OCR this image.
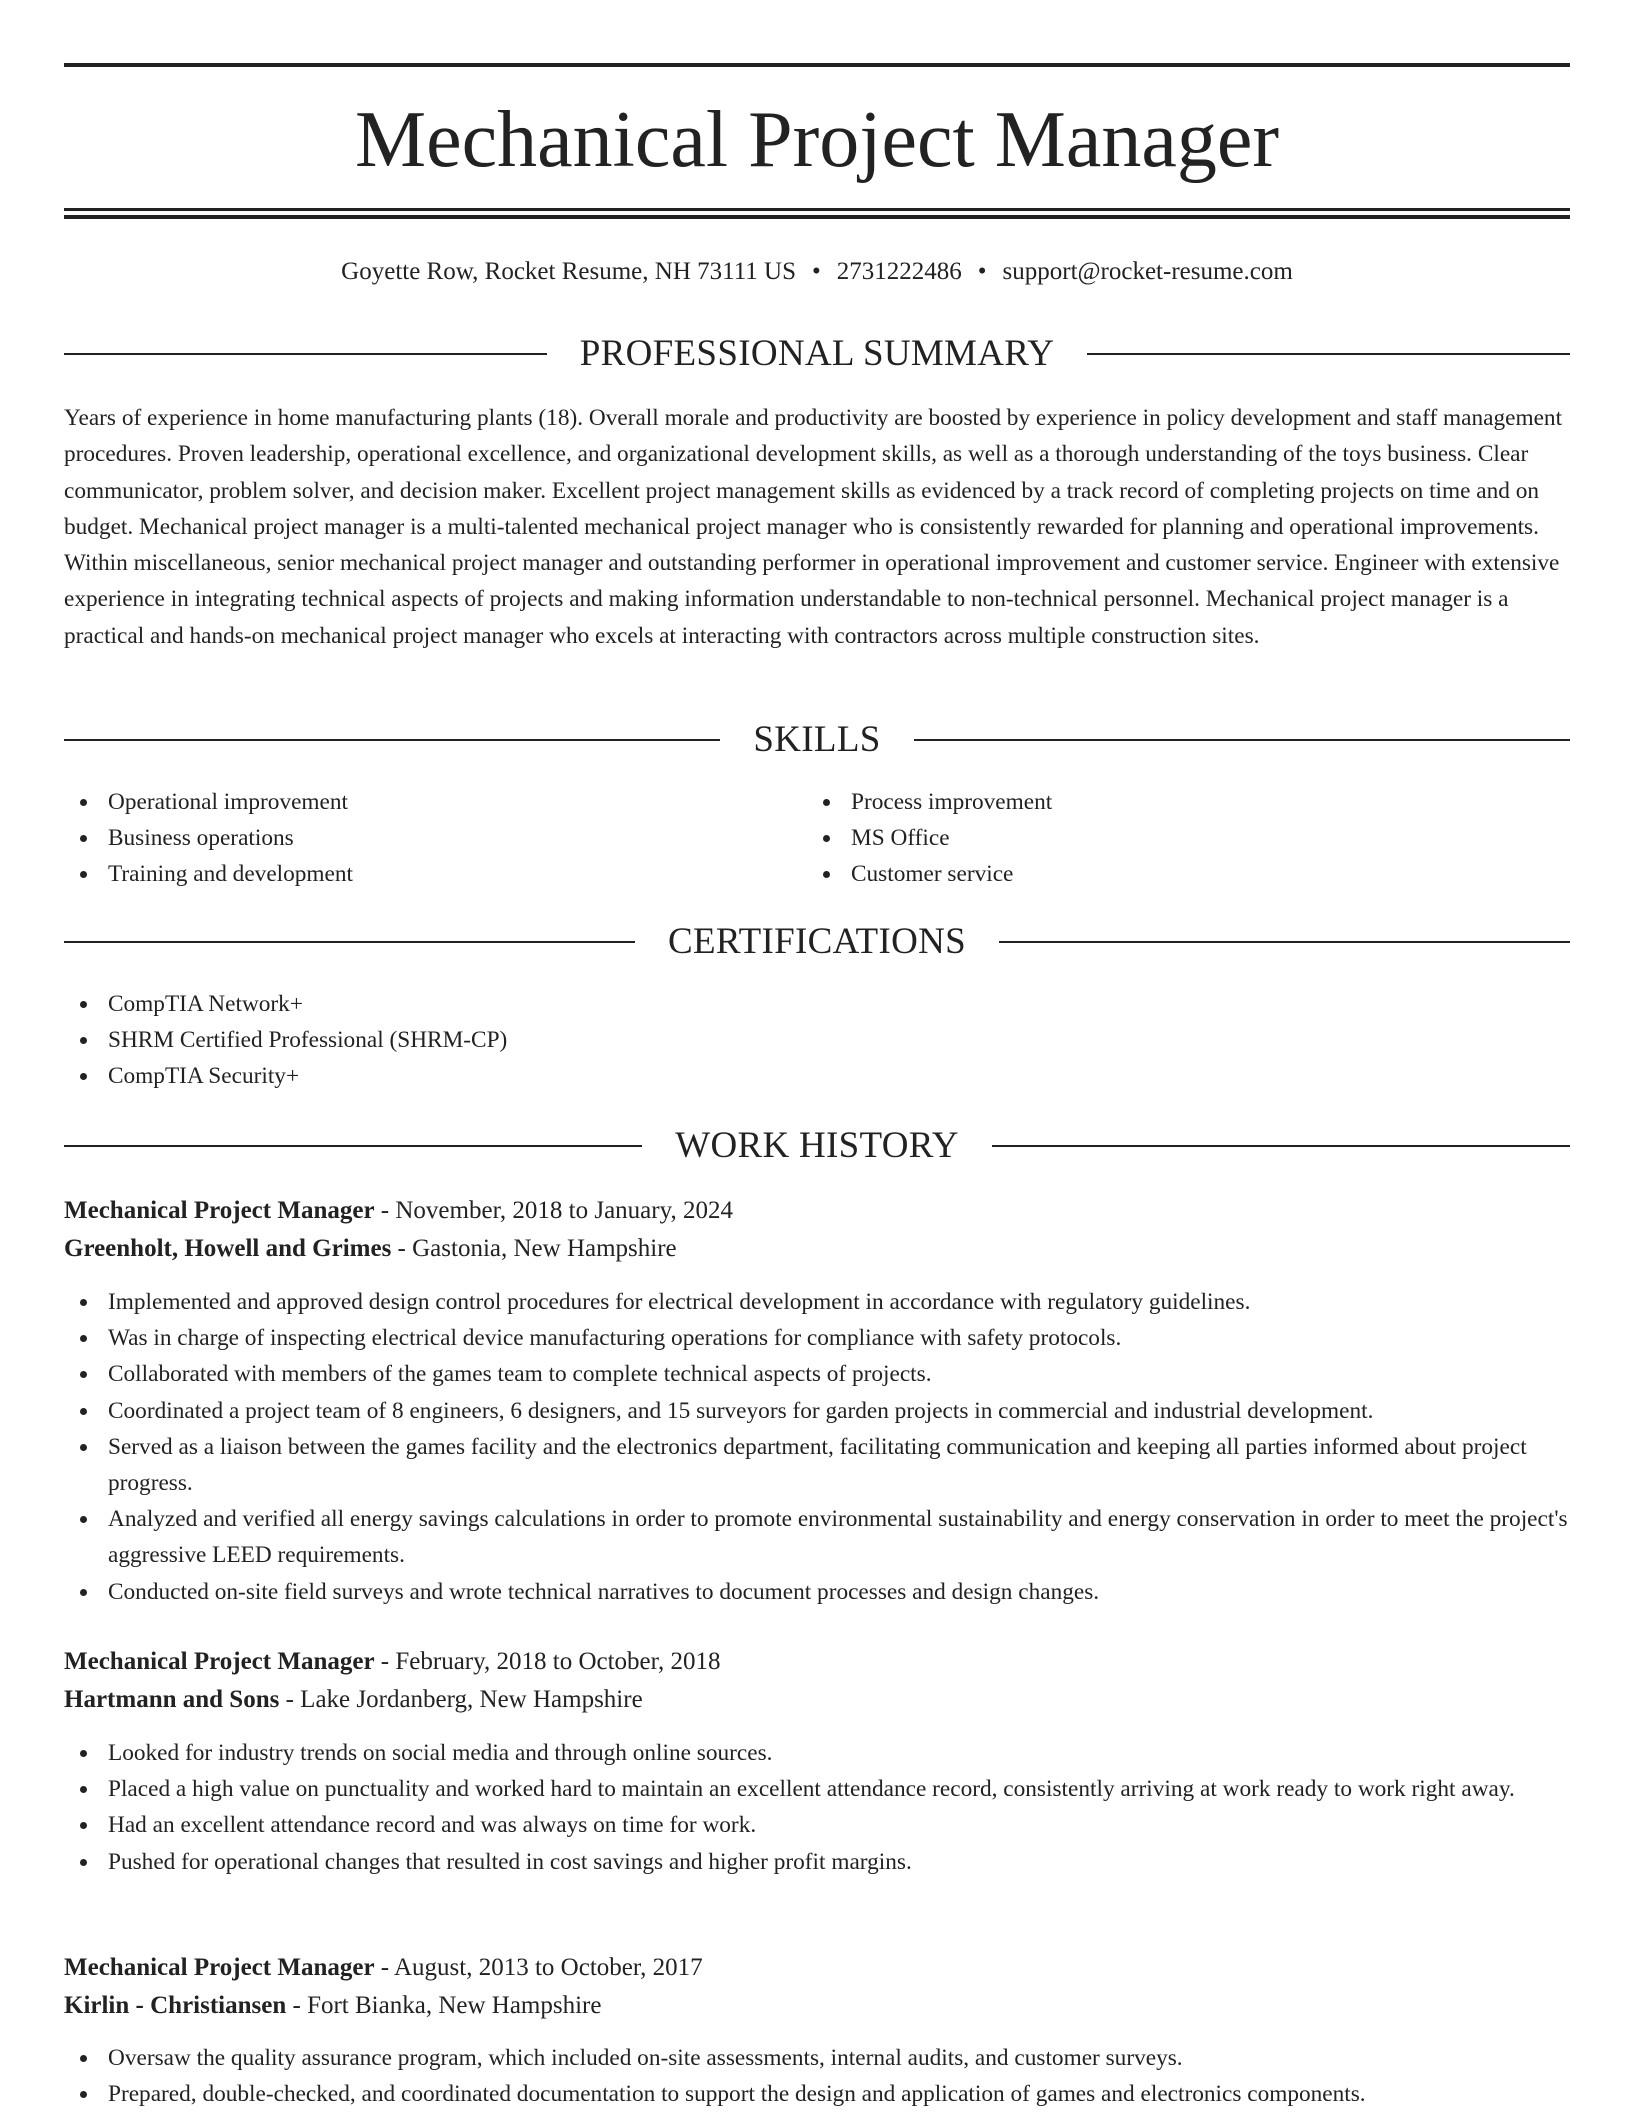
Mechanical Project Manager
Goyette Row, Rocket Resume, NH 73111 US • 2731222486 • support@rocket-resume.com
PROFESSIONAL SUMMARY

Years of experience in home manufacturing plants (18). Overall morale and productivity are boosted by experience in policy development and staff management procedures. Proven leadership, operational excellence, and organizational development skills, as well as a thorough understanding of the toys business. Clear communicator, problem solver, and decision maker. Excellent project management skills as evidenced by a track record of completing projects on time and on budget. Mechanical project manager is a multi-talented mechanical project manager who is consistently rewarded for planning and operational improvements. Within miscellaneous, senior mechanical project manager and outstanding performer in operational improvement and customer service. Engineer with extensive experience in integrating technical aspects of projects and making information understandable to non-technical personnel. Mechanical project manager is a practical and hands-on mechanical project manager who excels at interacting with contractors across multiple construction sites.

SKILLS
Operational improvement
Business operations
Training and development
Process improvement
MS Office
Customer service
CERTIFICATIONS
CompTIA Network+
SHRM Certified Professional (SHRM-CP)
CompTIA Security+
WORK HISTORY
Mechanical Project Manager - November, 2018 to January, 2024
Greenholt, Howell and Grimes - Gastonia, New Hampshire
Implemented and approved design control procedures for electrical development in accordance with regulatory guidelines.
Was in charge of inspecting electrical device manufacturing operations for compliance with safety protocols.
Collaborated with members of the games team to complete technical aspects of projects.
Coordinated a project team of 8 engineers, 6 designers, and 15 surveyors for garden projects in commercial and industrial development.
Served as a liaison between the games facility and the electronics department, facilitating communication and keeping all parties informed about project progress.
Analyzed and verified all energy savings calculations in order to promote environmental sustainability and energy conservation in order to meet the project's aggressive LEED requirements.
Conducted on-site field surveys and wrote technical narratives to document processes and design changes.
Mechanical Project Manager - February, 2018 to October, 2018
Hartmann and Sons - Lake Jordanberg, New Hampshire
Looked for industry trends on social media and through online sources.
Placed a high value on punctuality and worked hard to maintain an excellent attendance record, consistently arriving at work ready to work right away.
Had an excellent attendance record and was always on time for work.
Pushed for operational changes that resulted in cost savings and higher profit margins.
Mechanical Project Manager - August, 2013 to October, 2017
Kirlin - Christiansen - Fort Bianka, New Hampshire
Oversaw the quality assurance program, which included on-site assessments, internal audits, and customer surveys.
Prepared, double-checked, and coordinated documentation to support the design and application of games and electronics components.
